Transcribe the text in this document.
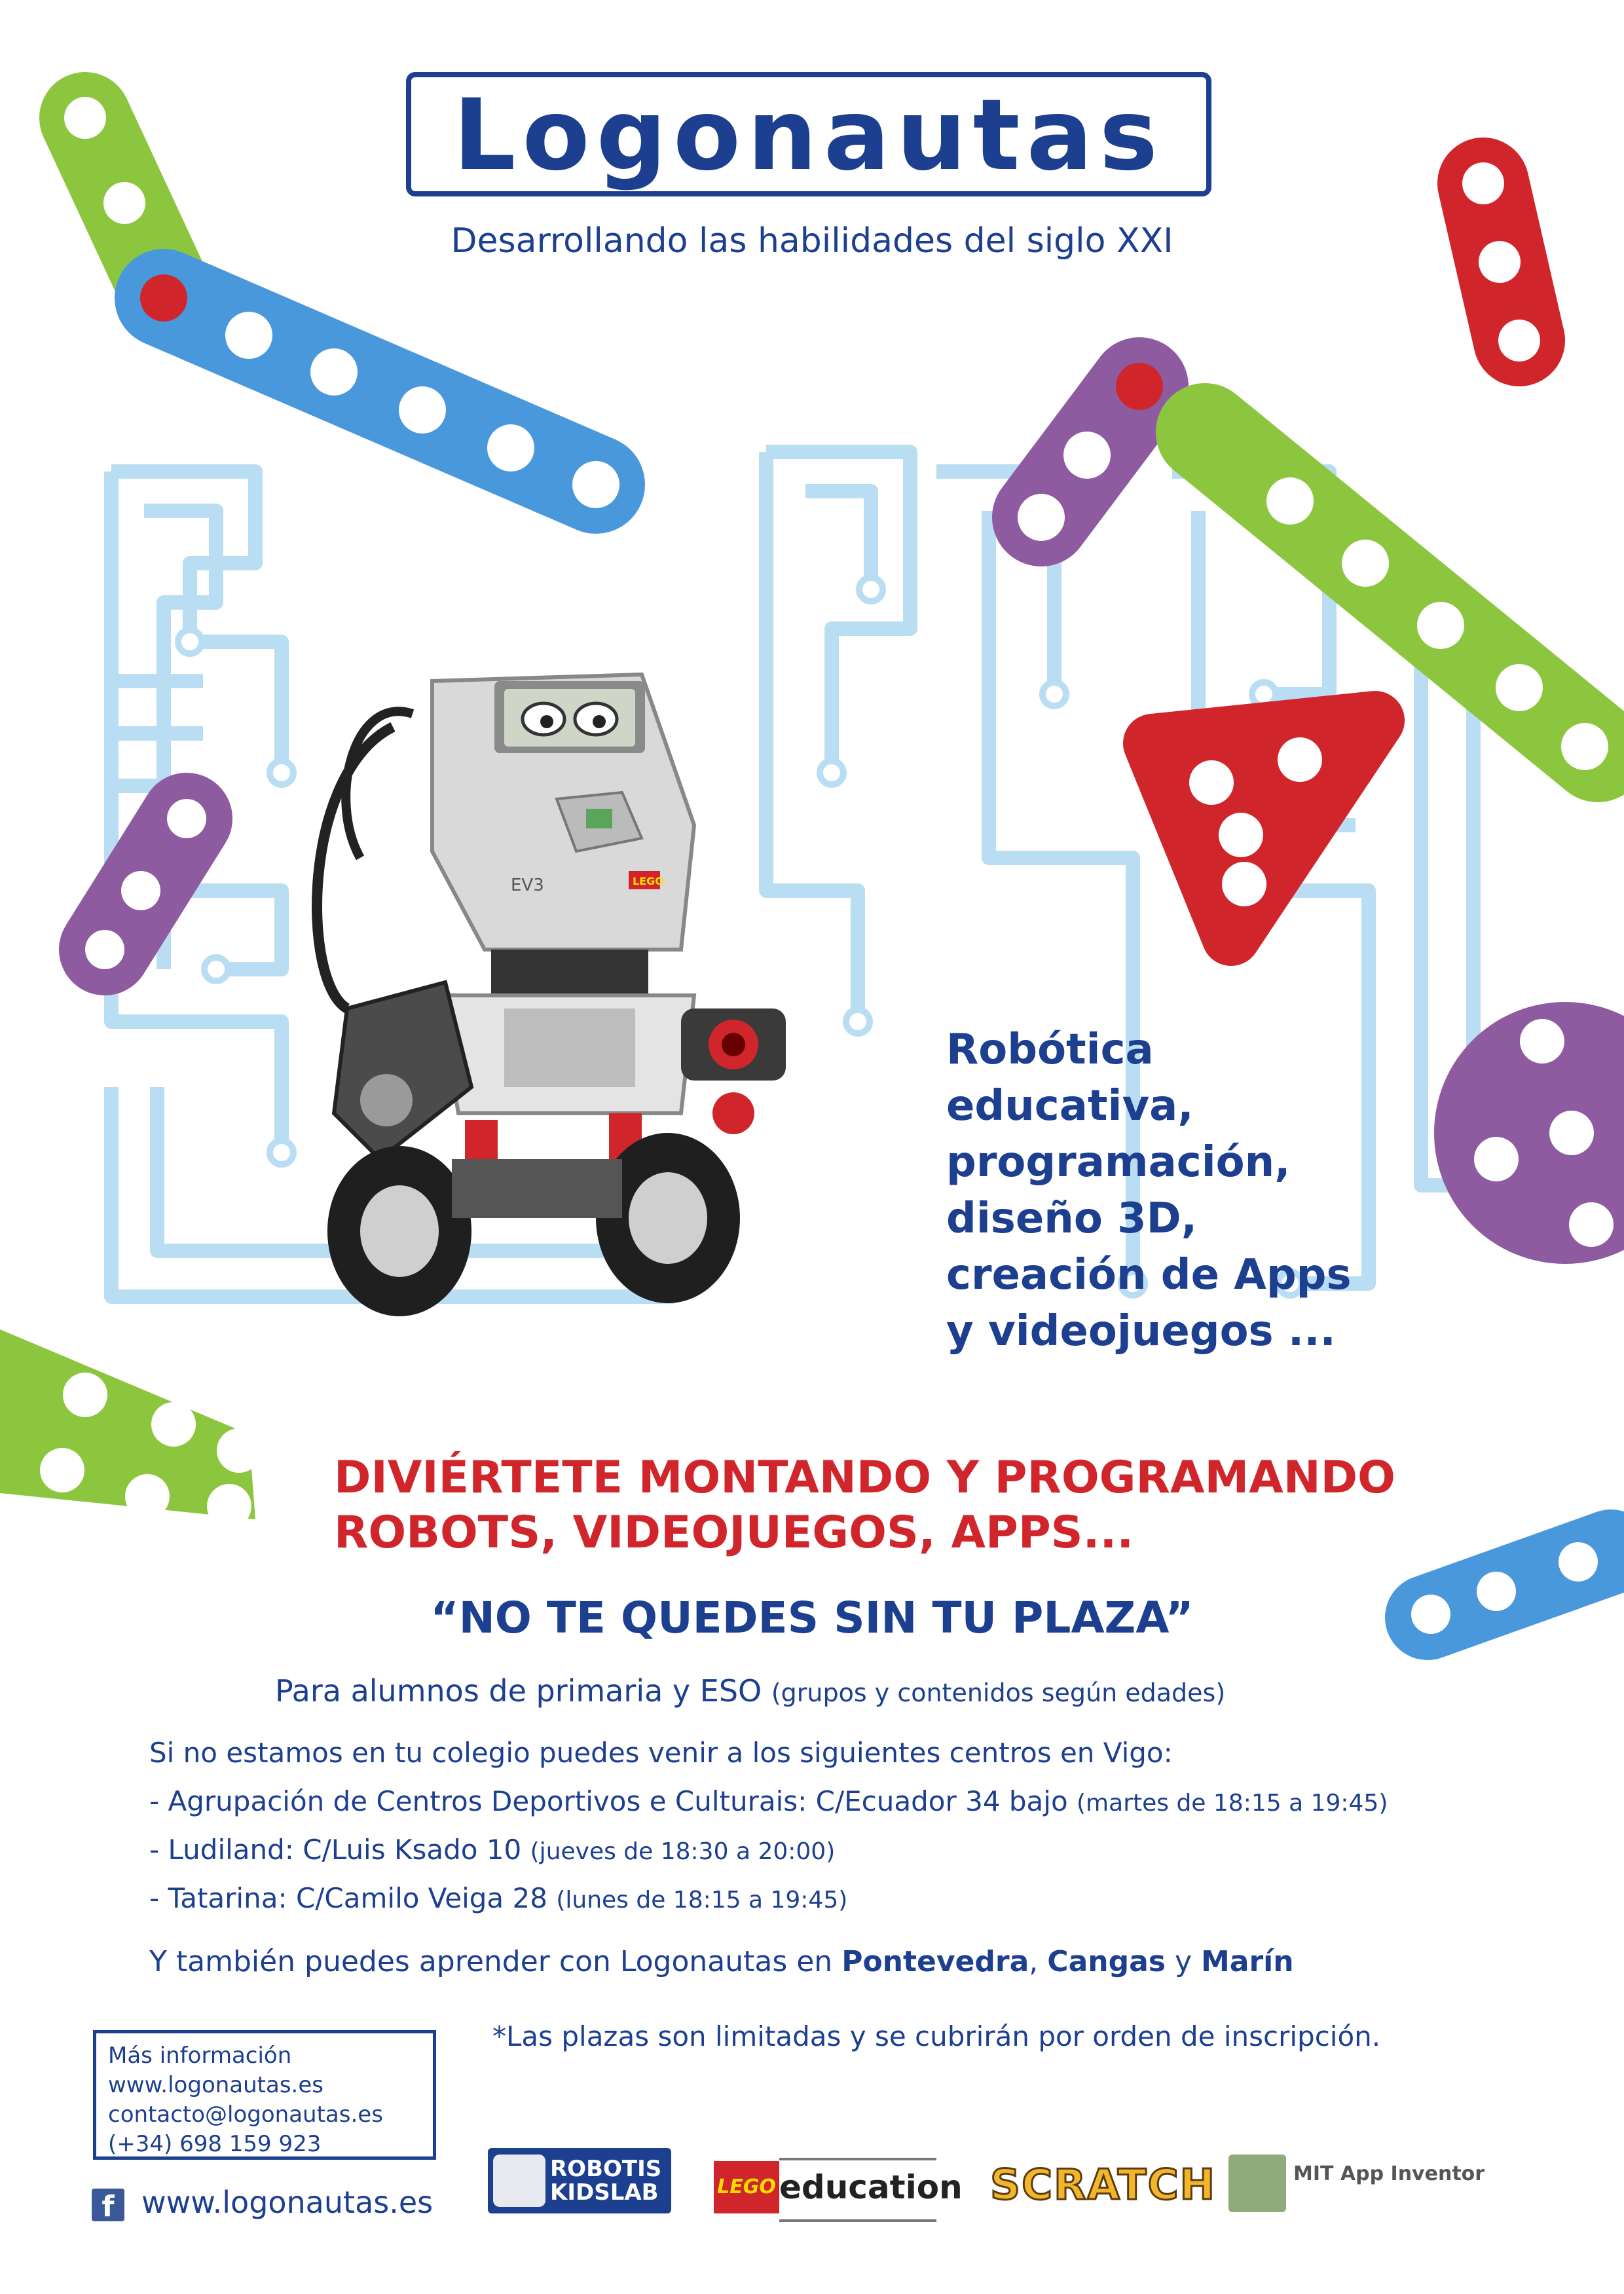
Logonautas
Desarrollando las habilidades del siglo XXI
EV3	LEGO
Robótica
educativa,
programación,
diseño 3D,
creación de Apps
y videojuegos ...
DIVIÉRTETE MONTANDO Y PROGRAMANDO
ROBOTS, VIDEOJUEGOS, APPS...
“NO TE QUEDES SIN TU PLAZA”
Para alumnos de primaria y ESO (grupos y contenidos según edades)
Si no estamos en tu colegio puedes venir a los siguientes centros en Vigo:
- Agrupación de Centros Deportivos e Culturais: C/Ecuador 34 bajo (martes de 18:15 a 19:45)
- Ludiland: C/Luis Ksado 10 (jueves de 18:30 a 20:00)
- Tatarina: C/Camilo Veiga 28 (lunes de 18:15 a 19:45)
Y también puedes aprender con Logonautas en Pontevedra, Cangas y Marín
*Las plazas son limitadas y se cubrirán por orden de inscripción.
Más información
www.logonautas.es
contacto@logonautas.es
(+34) 698 159 923
f www.logonautas.es
ROBOTIS
KIDSLAB	LEGO education SCRATCH	MIT App Inventor
